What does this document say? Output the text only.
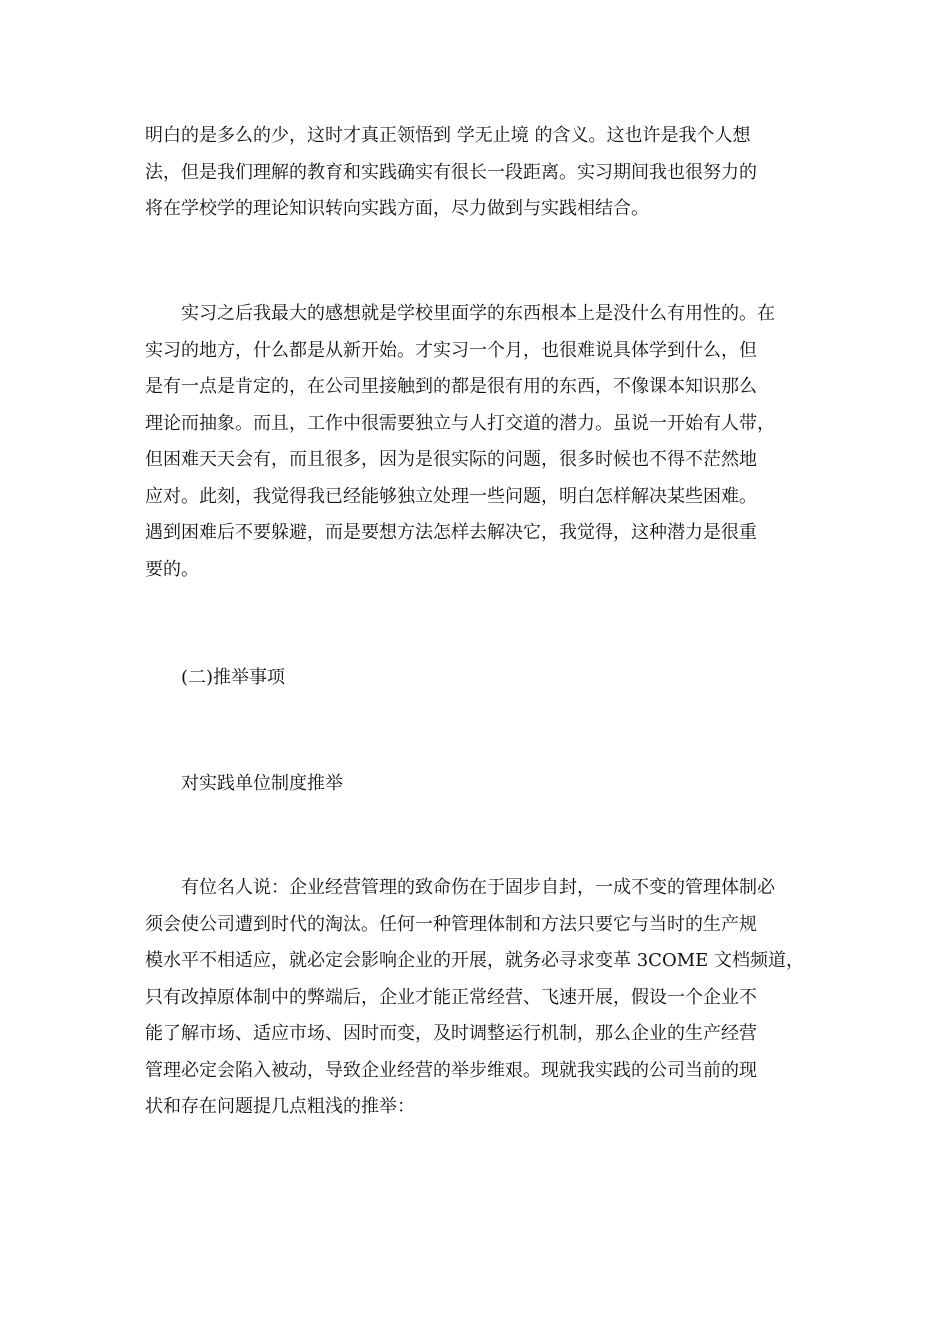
明白的是多么的少，这时才真正领悟到 学无止境 的含义。这也许是我个人想
法，但是我们理解的教育和实践确实有很长一段距离。实习期间我也很努力的
将在学校学的理论知识转向实践方面，尽力做到与实践相结合。
　　实习之后我最大的感想就是学校里面学的东西根本上是没什么有用性的。在
实习的地方，什么都是从新开始。才实习一个月，也很难说具体学到什么，但
是有一点是肯定的，在公司里接触到的都是很有用的东西，不像课本知识那么
理论而抽象。而且，工作中很需要独立与人打交道的潜力。虽说一开始有人带，
但困难天天会有，而且很多，因为是很实际的问题，很多时候也不得不茫然地
应对。此刻，我觉得我已经能够独立处理一些问题，明白怎样解决某些困难。
遇到困难后不要躲避，而是要想方法怎样去解决它，我觉得，这种潜力是很重
要的。
　　(二)推举事项
　　对实践单位制度推举
　　有位名人说：企业经营管理的致命伤在于固步自封，一成不变的管理体制必
须会使公司遭到时代的淘汰。任何一种管理体制和方法只要它与当时的生产规
模水平不相适应，就必定会影响企业的开展，就务必寻求变革 3COME 文档频道，
只有改掉原体制中的弊端后，企业才能正常经营、飞速开展，假设一个企业不
能了解市场、适应市场、因时而变，及时调整运行机制，那么企业的生产经营
管理必定会陷入被动，导致企业经营的举步维艰。现就我实践的公司当前的现
状和存在问题提几点粗浅的推举：
